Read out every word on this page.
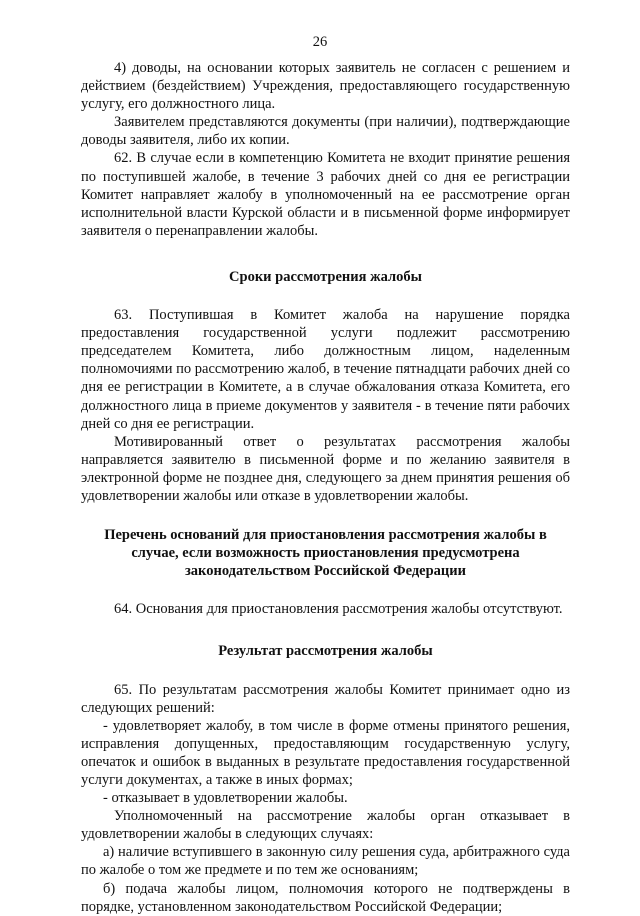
26

4) доводы, на основании которых заявитель не согласен с решением и действием (бездействием) Учреждения, предоставляющего государственную услугу, его должностного лица.

Заявителем представляются документы (при наличии), подтверждающие доводы заявителя, либо их копии.

62. В случае если в компетенцию Комитета не входит принятие решения по поступившей жалобе, в течение 3 рабочих дней со дня ее регистрации Комитет направляет жалобу в уполномоченный на ее рассмотрение орган исполнительной власти Курской области и в письменной форме информирует заявителя о перенаправлении жалобы.

Сроки рассмотрения жалобы

63. Поступившая в Комитет жалоба на нарушение порядка предоставления государственной услуги подлежит рассмотрению председателем Комитета, либо должностным лицом, наделенным полномочиями по рассмотрению жалоб, в течение пятнадцати рабочих дней со дня ее регистрации в Комитете, а в случае обжалования отказа Комитета, его должностного лица в приеме документов у заявителя - в течение пяти рабочих дней со дня ее регистрации.

Мотивированный ответ о результатах рассмотрения жалобы направляется заявителю в письменной форме и по желанию заявителя в электронной форме не позднее дня, следующего за днем принятия решения об удовлетворении жалобы или отказе в удовлетворении жалобы.

Перечень оснований для приостановления рассмотрения жалобы в
случае, если возможность приостановления предусмотрена
законодательством Российской Федерации

64. Основания для приостановления рассмотрения жалобы отсутствуют.

Результат рассмотрения жалобы

65. По результатам рассмотрения жалобы Комитет принимает одно из следующих решений:

- удовлетворяет жалобу, в том числе в форме отмены принятого решения, исправления допущенных, предоставляющим государственную услугу, опечаток и ошибок в выданных в результате предоставления государственной услуги документах, а также в иных формах;

- отказывает в удовлетворении жалобы.

Уполномоченный на рассмотрение жалобы орган отказывает в удовлетворении жалобы в следующих случаях:

а) наличие вступившего в законную силу решения суда, арбитражного суда по жалобе о том же предмете и по тем же основаниям;

б) подача жалобы лицом, полномочия которого не подтверждены в порядке, установленном законодательством Российской Федерации;
